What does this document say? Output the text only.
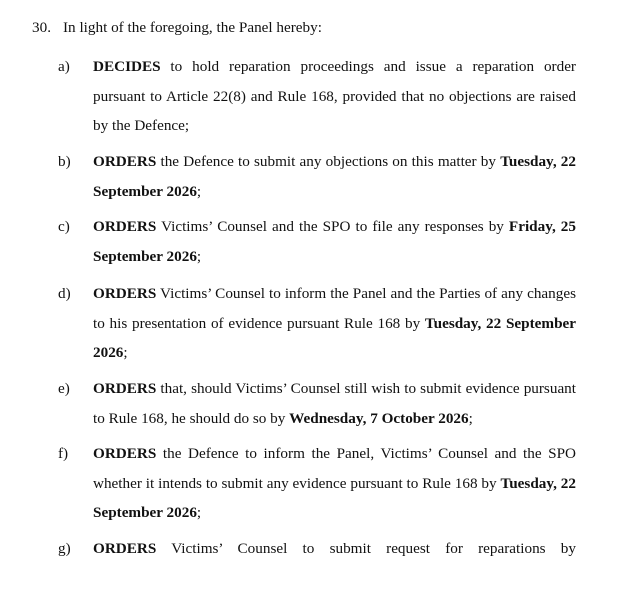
30. In light of the foregoing, the Panel hereby:
a) DECIDES to hold reparation proceedings and issue a reparation order pursuant to Article 22(8) and Rule 168, provided that no objections are raised by the Defence;
b) ORDERS the Defence to submit any objections on this matter by Tuesday, 22 September 2026;
c) ORDERS Victims’ Counsel and the SPO to file any responses by Friday, 25 September 2026;
d) ORDERS Victims’ Counsel to inform the Panel and the Parties of any changes to his presentation of evidence pursuant Rule 168 by Tuesday, 22 September 2026;
e) ORDERS that, should Victims’ Counsel still wish to submit evidence pursuant to Rule 168, he should do so by Wednesday, 7 October 2026;
f) ORDERS the Defence to inform the Panel, Victims’ Counsel and the SPO whether it intends to submit any evidence pursuant to Rule 168 by Tuesday, 22 September 2026;
g) ORDERS Victims’ Counsel to submit request for reparations by
